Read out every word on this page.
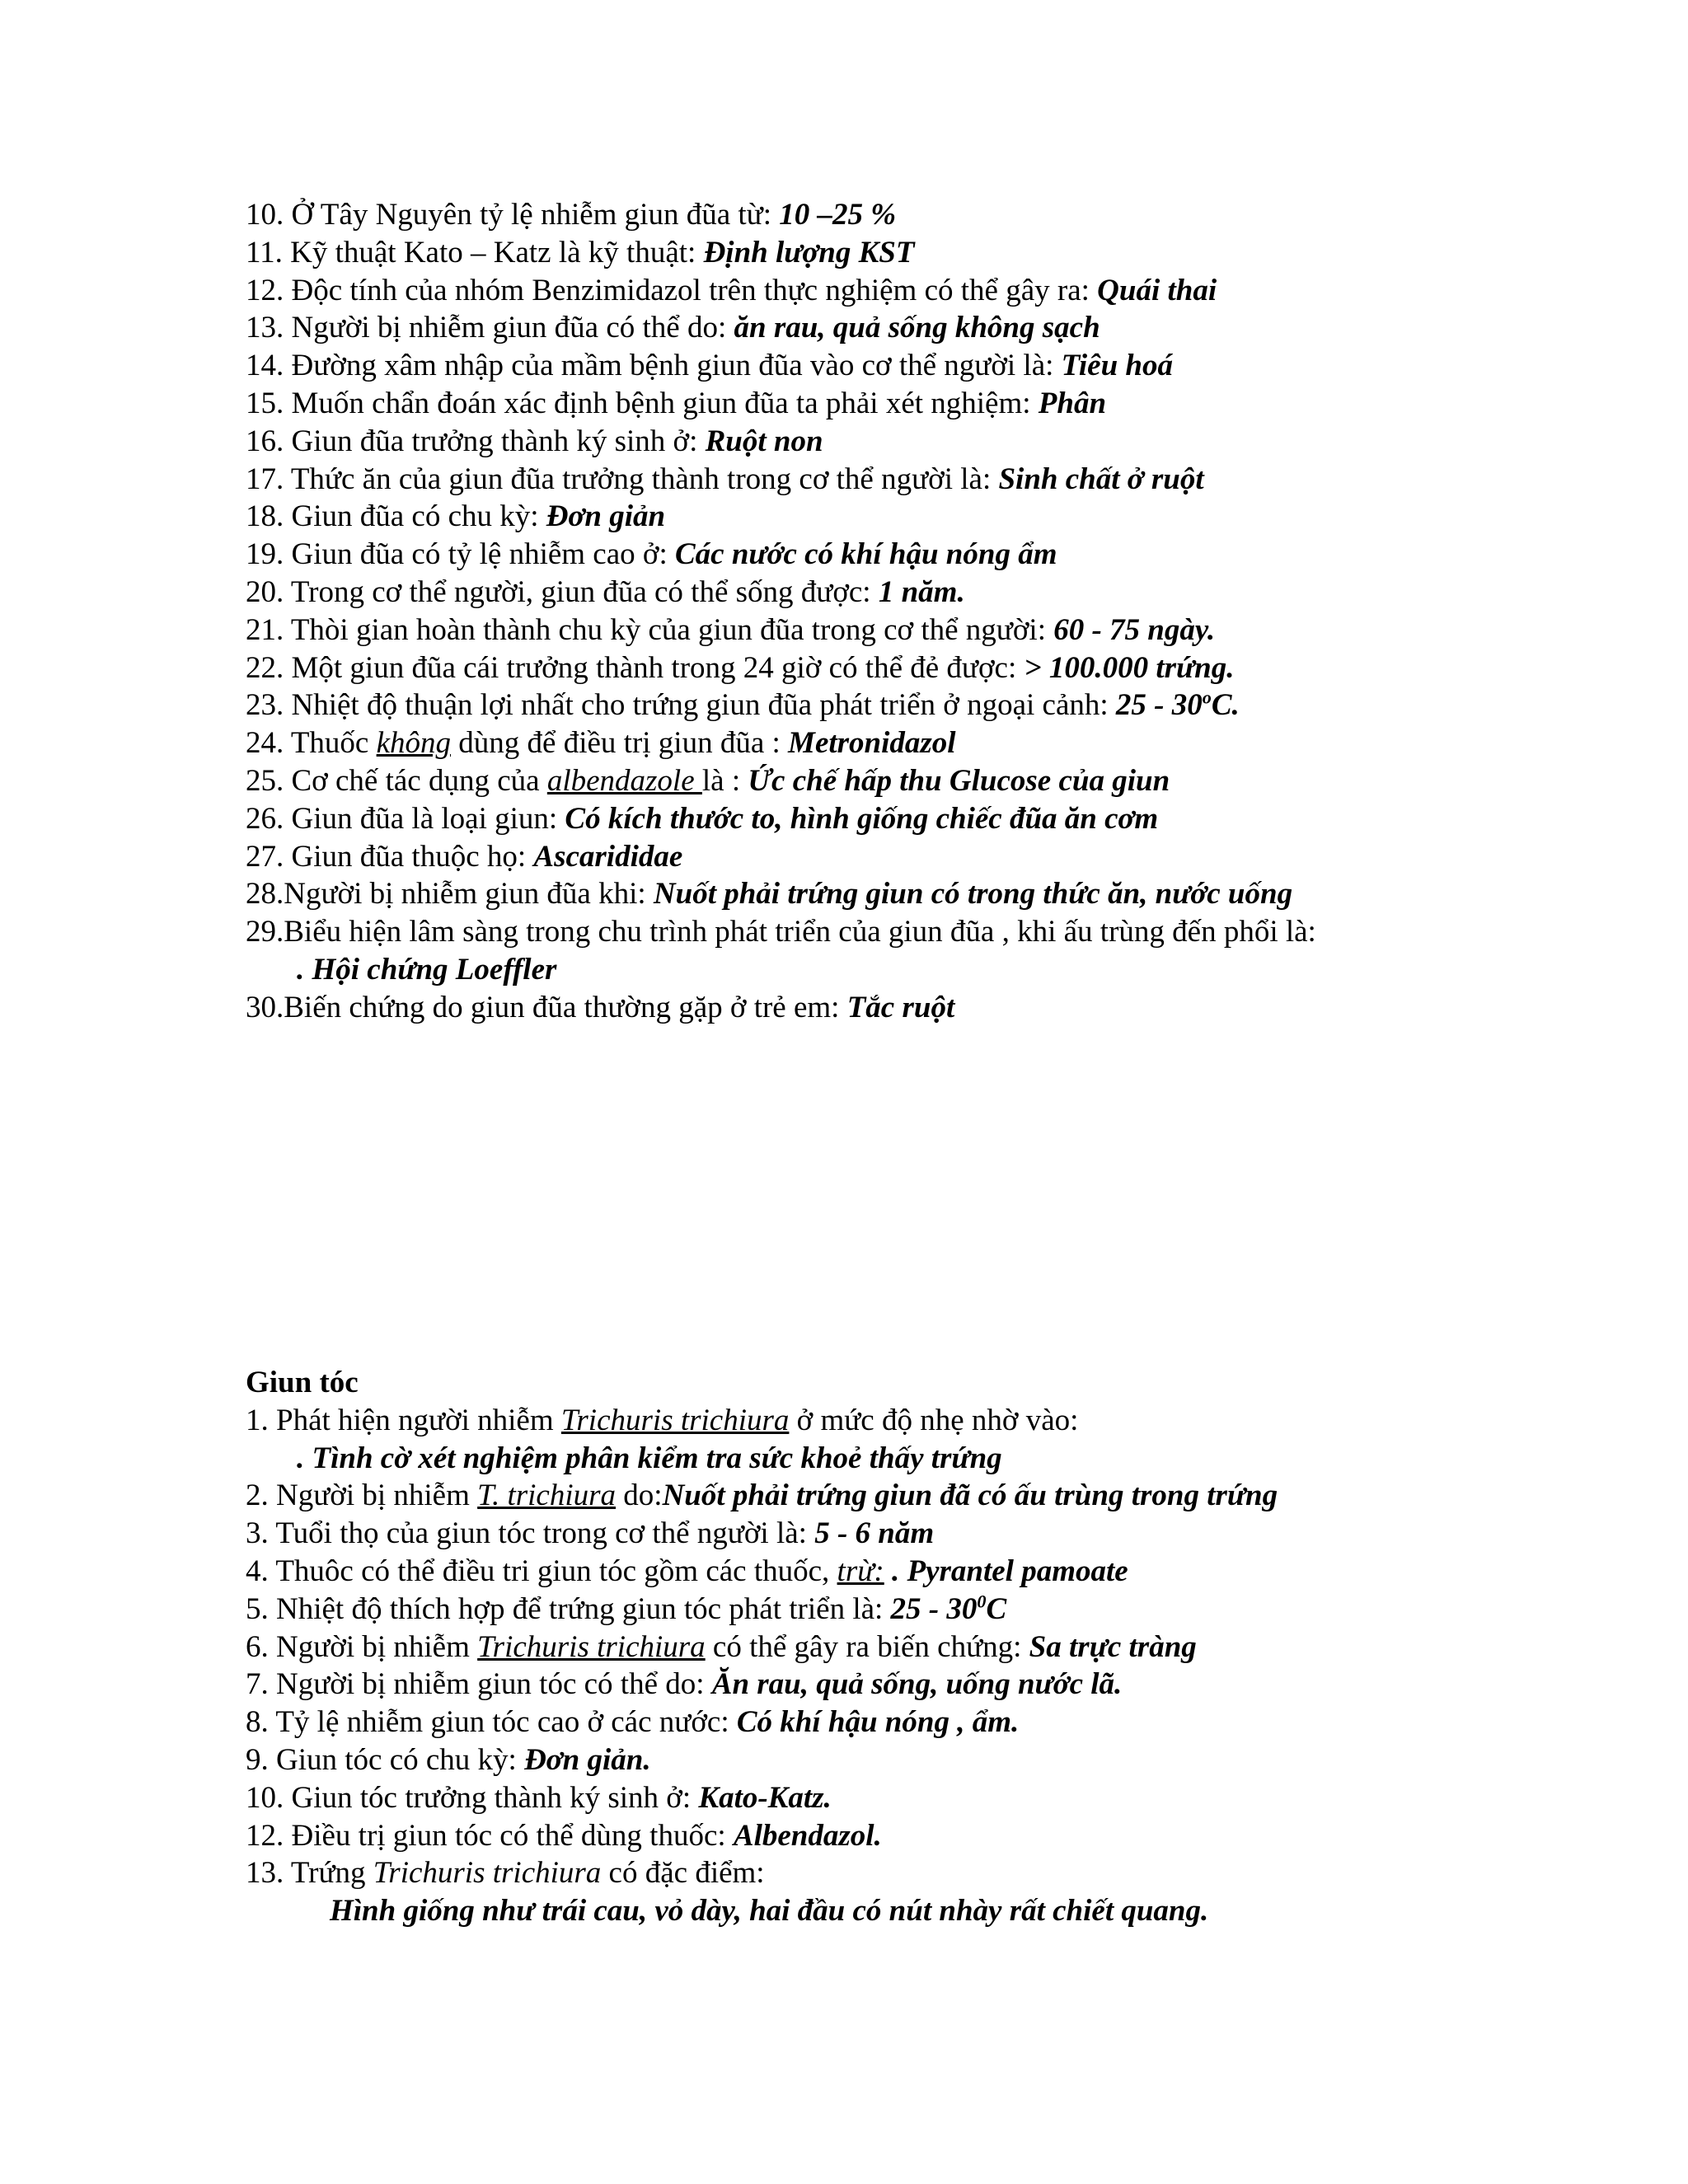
10. Ở Tây Nguyên tỷ lệ nhiễm giun đũa từ: 10 –25 %
11. Kỹ thuật Kato – Katz là kỹ thuật: Định lượng KST
12. Độc tính của nhóm Benzimidazol trên thực nghiệm có thể gây ra: Quái thai
13. Người bị nhiễm giun đũa có thể do: ăn rau, quả sống không sạch
14. Đường xâm nhập của mầm bệnh giun đũa vào cơ thể người là: Tiêu hoá
15. Muốn chẩn đoán xác định bệnh giun đũa ta phải xét nghiệm: Phân
16. Giun đũa trưởng thành ký sinh ở: Ruột non
17. Thức ăn của giun đũa trưởng thành trong cơ thể người là: Sinh chất ở ruột
18. Giun đũa có chu kỳ: Đơn giản
19. Giun đũa có tỷ lệ nhiễm cao ở: Các nước có khí hậu nóng ẩm
20. Trong cơ thể người, giun đũa có thể sống được: 1 năm.
21. Thòi gian hoàn thành chu kỳ của giun đũa trong cơ thể người: 60 - 75 ngày.
22. Một giun đũa cái trưởng thành trong 24 giờ có thể đẻ được: > 100.000 trứng.
23. Nhiệt độ thuận lợi nhất cho trứng giun đũa phát triển ở ngoại cảnh: 25 - 30$^o$C.
24. Thuốc không dùng để điều trị giun đũa : Metronidazol
25. Cơ chế tác dụng của albendazole là : Ức chế hấp thu Glucose của giun
26. Giun đũa là loại giun: Có kích thước to, hình giống chiếc đũa ăn cơm
27. Giun đũa thuộc họ: Ascarididae
28.Người bị nhiễm giun đũa khi: Nuốt phải trứng giun có trong thức ăn, nước uống
29.Biểu hiện lâm sàng trong chu trình phát triển của giun đũa , khi ấu trùng đến phổi là:
. Hội chứng Loeffler
30.Biến chứng do giun đũa thường gặp ở trẻ em: Tắc ruột
Giun tóc
1. Phát hiện người nhiễm Trichuris trichiura ở mức độ nhẹ nhờ vào:
. Tình cờ xét nghiệm phân kiểm tra sức khoẻ thấy trứng
2. Người bị nhiễm T. trichiura do:Nuốt phải trứng giun đã có ấu trùng trong trứng
3. Tuổi thọ của giun tóc trong cơ thể người là: 5 - 6 năm
4. Thuôc có thể điều tri giun tóc gồm các thuốc, trừ: . Pyrantel pamoate
5. Nhiệt độ thích hợp để trứng giun tóc phát triển là: $25 - 30^0C$
6. Người bị nhiễm Trichuris trichiura có thể gây ra biến chứng: Sa trực tràng
7. Người bị nhiễm giun tóc có thể do: Ăn rau, quả sống, uống nước lã.
8. Tỷ lệ nhiễm giun tóc cao ở các nước: Có khí hậu nóng , ẩm.
9. Giun tóc có chu kỳ: Đơn giản.
10. Giun tóc trưởng thành ký sinh ở: Kato-Katz.
12. Điều trị giun tóc có thể dùng thuốc: Albendazol.
13. Trứng Trichuris trichiura có đặc điểm:
Hình giống như trái cau, vỏ dày, hai đầu có nút nhày rất chiết quang.
